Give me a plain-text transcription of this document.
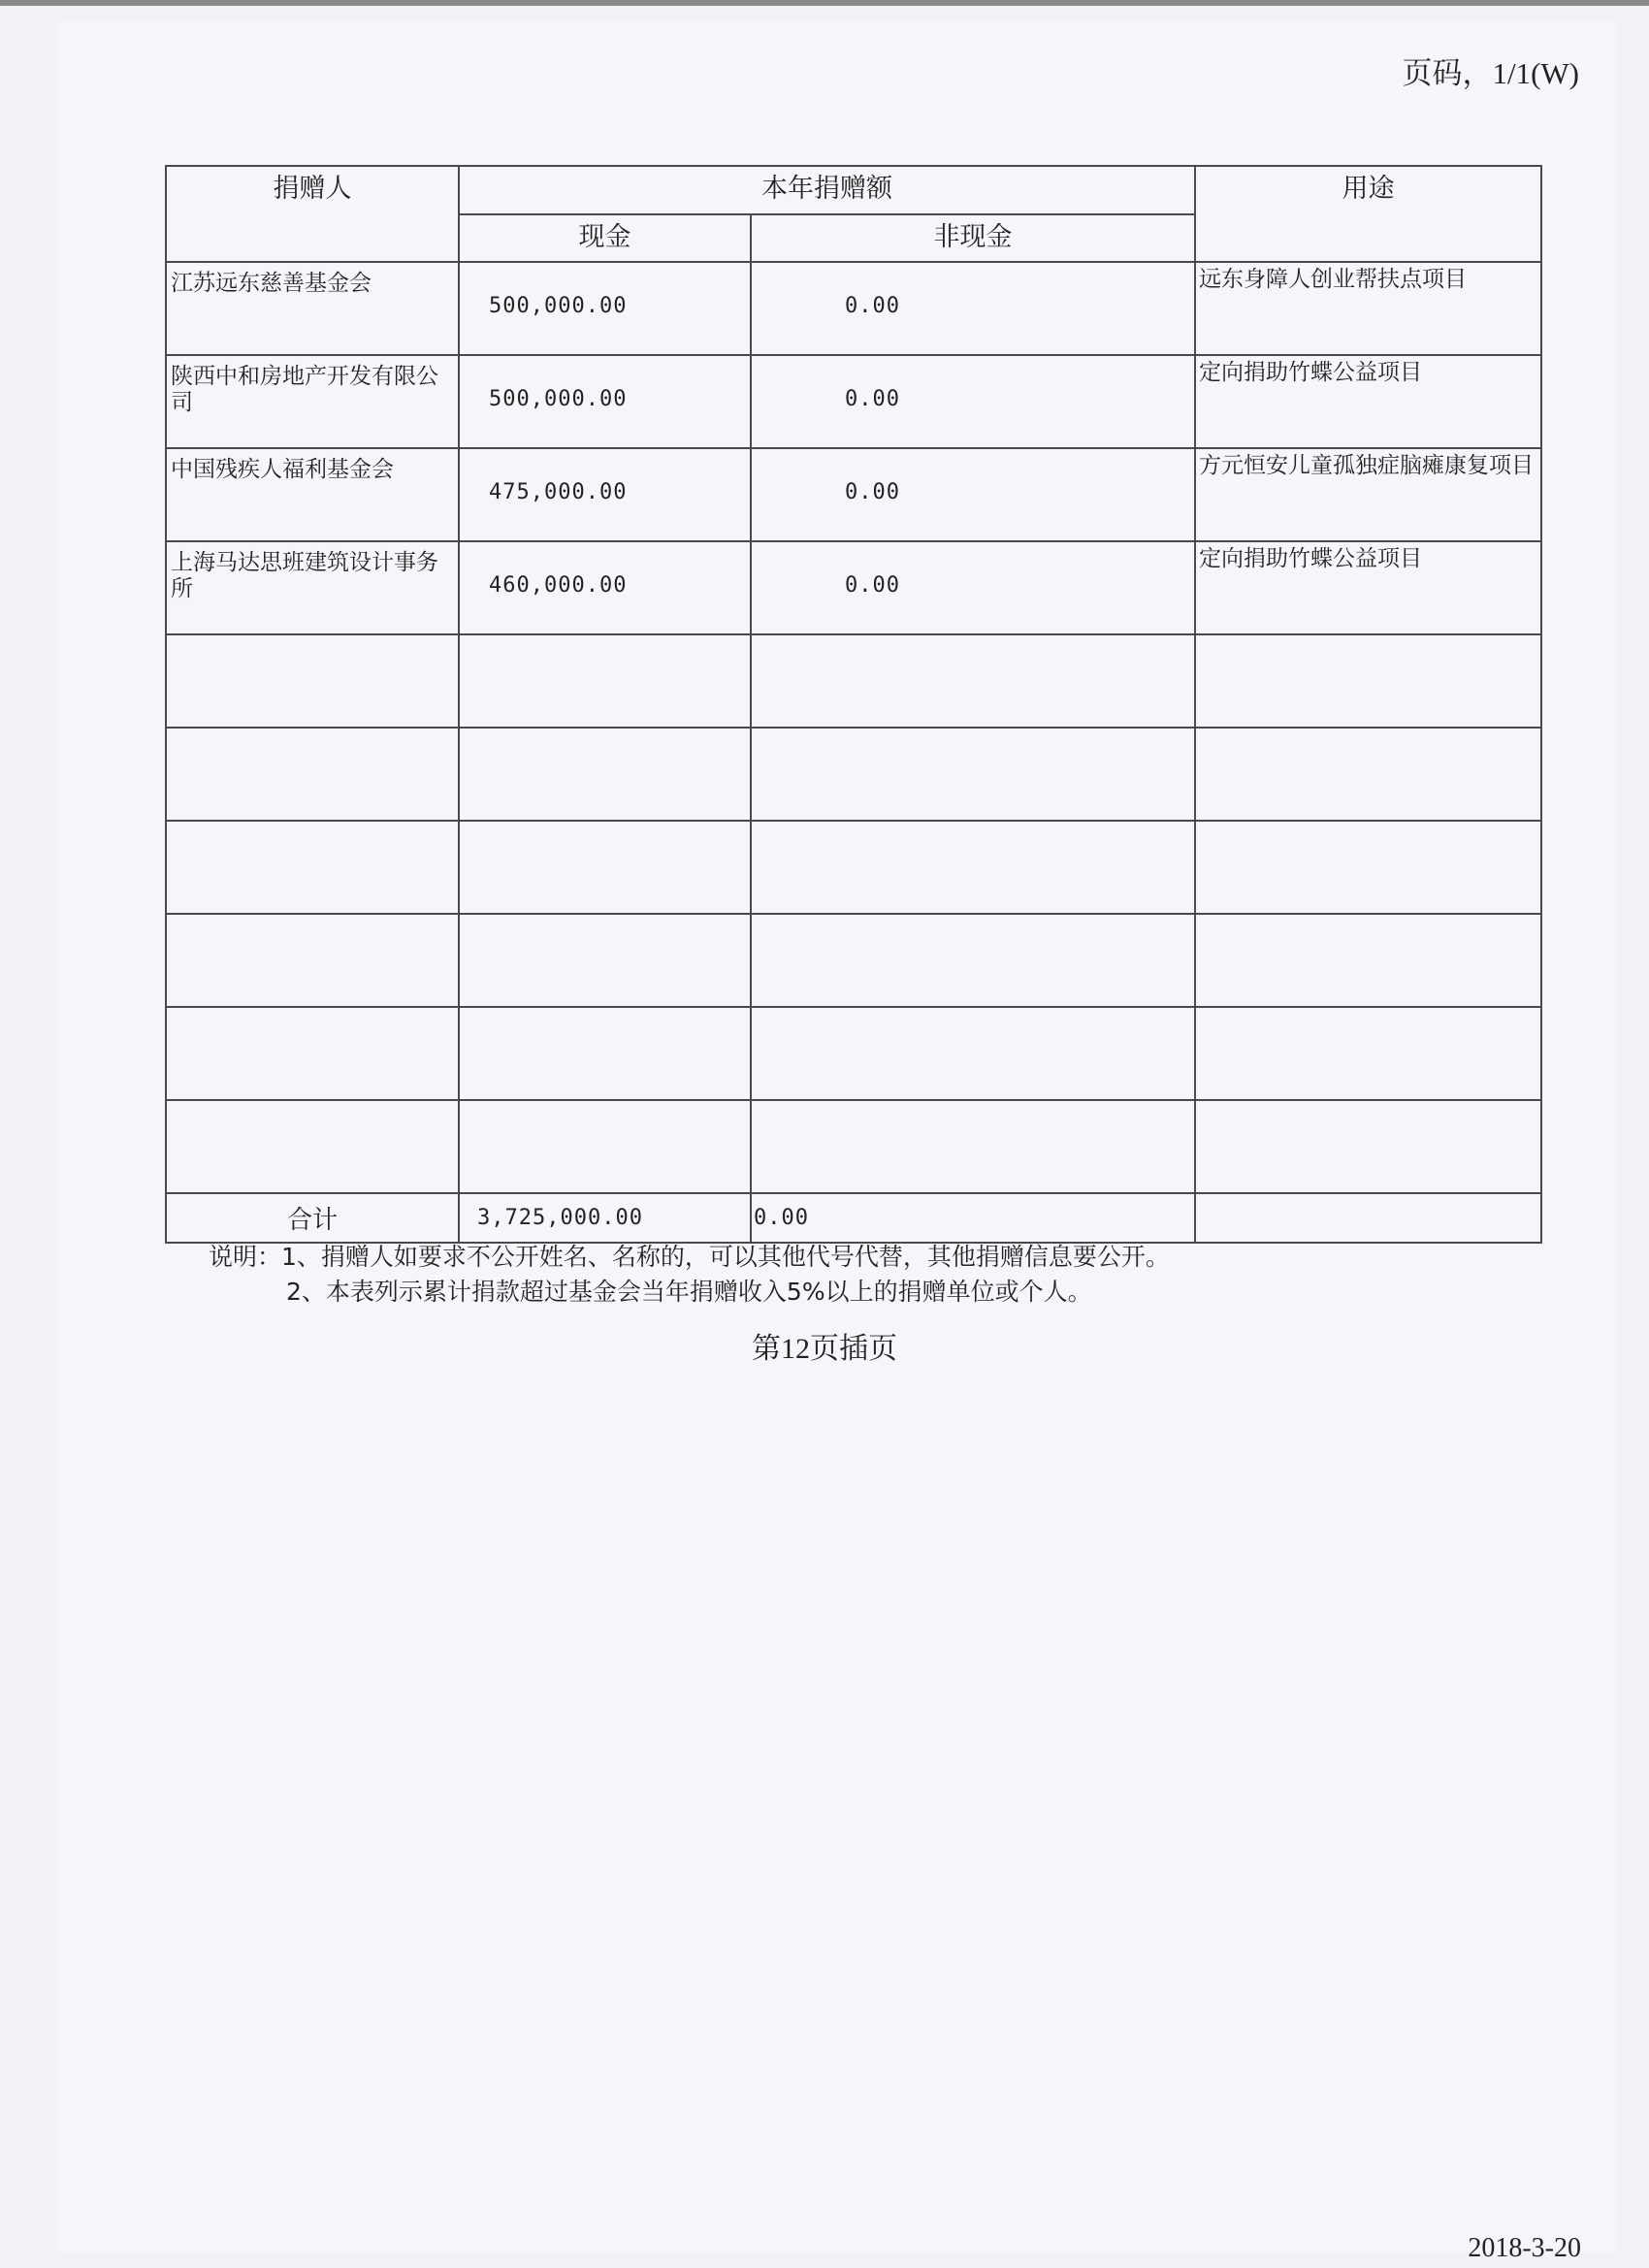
页码，1/1(W)
捐赠人	本年捐赠额		用途
	现金	非现金	

江苏远东慈善基金会	500,000.00	0.00	远东身障人创业帮扶点项目

陕西中和房地产开发有限公司	500,000.00	0.00	定向捐助竹蝶公益项目

中国残疾人福利基金会	475,000.00	0.00	方元恒安儿童孤独症脑瘫康复项目

上海马达思班建筑设计事务所	460,000.00	0.00	定向捐助竹蝶公益项目

合计	3,725,000.00	0.00	
说明：1、捐赠人如要求不公开姓名、名称的，可以其他代号代替，其他捐赠信息要公开。
2、本表列示累计捐款超过基金会当年捐赠收入5%以上的捐赠单位或个人。
第12页插页
2018-3-20
